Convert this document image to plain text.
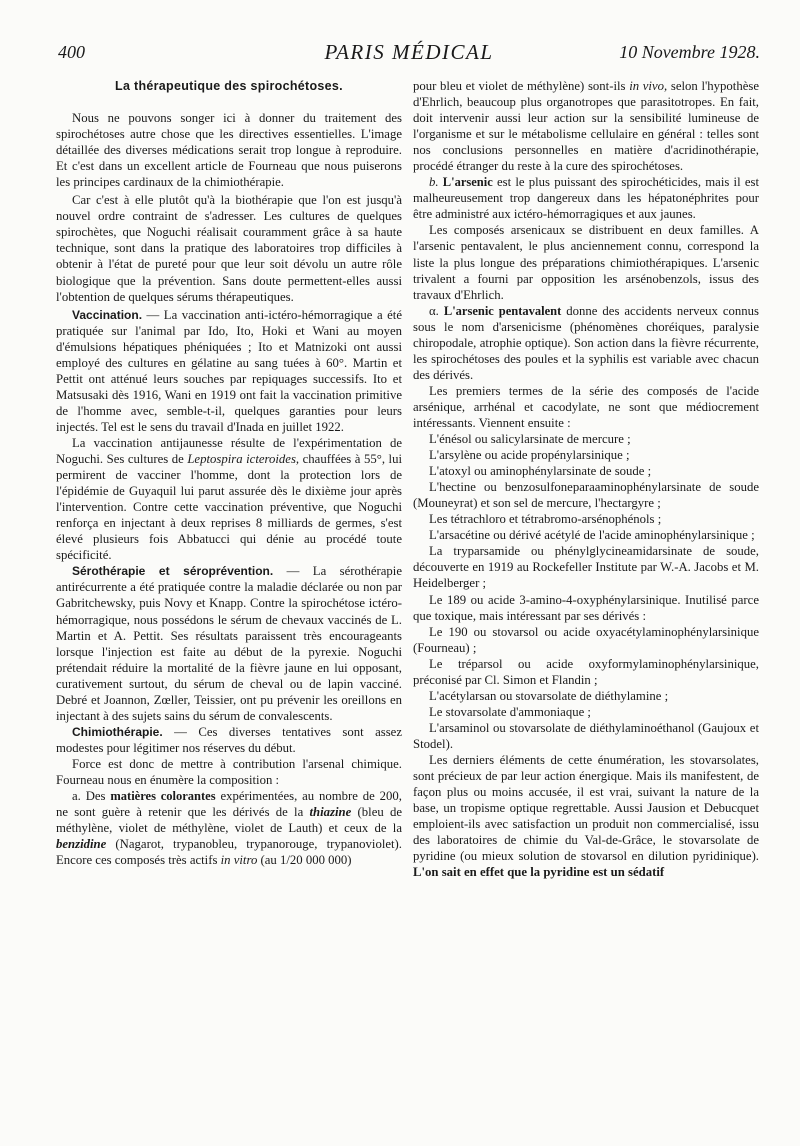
400	PARIS MÉDICAL	10 Novembre 1928.
La thérapeutique des spirochétoses.

Nous ne pouvons songer ici à donner du traitement des spirochétoses autre chose que les directives essentielles. L'image détaillée des diverses médications serait trop longue à reproduire. Et c'est dans un excellent article de Fourneau que nous puiserons les principes cardinaux de la chimiothérapie.

Car c'est à elle plutôt qu'à la biothérapie que l'on est jusqu'à nouvel ordre contraint de s'adresser. Les cultures de quelques spirochètes, que Noguchi réalisait couramment grâce à sa haute technique, sont dans la pratique des laboratoires trop difficiles à obtenir à l'état de pureté pour que leur soit dévolu un autre rôle biologique que la prévention. Sans doute permettent-elles aussi l'obtention de quelques sérums thérapeutiques.

Vaccination. — La vaccination anti-ictéro-hémorragique a été pratiquée sur l'animal par Ido, Ito, Hoki et Wani au moyen d'émulsions hépatiques phéniquées ; Ito et Matnizoki ont aussi employé des cultures en gélatine au sang tuées à 60°. Martin et Pettit ont atténué leurs souches par repiquages successifs. Ito et Matsusaki dès 1916, Wani en 1919 ont fait la vaccination primitive de l'homme avec, semble-t-il, quelques garanties pour leurs injectés. Tel est le sens du travail d'Inada en juillet 1922.

La vaccination antijaunesse résulte de l'expérimentation de Noguchi. Ses cultures de Leptospira icteroides, chauffées à 55°, lui permirent de vacciner l'homme, dont la protection lors de l'épidémie de Guyaquil lui parut assurée dès le dixième jour après l'intervention. Contre cette vaccination préventive, que Noguchi renforça en injectant à deux reprises 8 milliards de germes, s'est élevé plusieurs fois Abbatucci qui dénie au procédé toute spécificité.

Sérothérapie et séroprévention. — La sérothérapie antirécurrente a été pratiquée contre la maladie déclarée ou non par Gabritchewsky, puis Novy et Knapp. Contre la spirochétose ictéro-hémorragique, nous possédons le sérum de chevaux vaccinés de L. Martin et A. Pettit. Ses résultats paraissent très encourageants lorsque l'injection est faite au début de la pyrexie. Noguchi prétendait réduire la mortalité de la fièvre jaune en lui opposant, curativement surtout, du sérum de cheval ou de lapin vacciné. Debré et Joannon, Zœller, Teissier, ont pu prévenir les oreillons en injectant à des sujets sains du sérum de convalescents.

Chimiothérapie. — Ces diverses tentatives sont assez modestes pour légitimer nos réserves du début.

Force est donc de mettre à contribution l'arsenal chimique. Fourneau nous en énumère la composition :

a. Des matières colorantes expérimentées, au nombre de 200, ne sont guère à retenir que les dérivés de la thiazine (bleu de méthylène, violet de méthylène, violet de Lauth) et ceux de la benzidine (Nagarot, trypanobleu, trypanorouge, trypanoviolet). Encore ces composés très actifs in vitro (au 1/20 000 000)

pour bleu et violet de méthylène) sont-ils in vivo, selon l'hypothèse d'Ehrlich, beaucoup plus organotropes que parasitotropes. En fait, doit intervenir aussi leur action sur la sensibilité lumineuse de l'organisme et sur le métabolisme cellulaire en général : telles sont nos conclusions personnelles en matière d'acridinothérapie, procédé étranger du reste à la cure des spirochétoses.

b. L'arsenic est le plus puissant des spirochéticides, mais il est malheureusement trop dangereux dans les hépatonéphrites pour être administré aux ictéro-hémorragiques et aux jaunes.

Les composés arsenicaux se distribuent en deux familles. A l'arsenic pentavalent, le plus anciennement connu, correspond la liste la plus longue des préparations chimiothérapiques. L'arsenic trivalent a fourni par opposition les arsénobenzols, issus des travaux d'Ehrlich.

α. L'arsenic pentavalent donne des accidents nerveux connus sous le nom d'arsenicisme (phénomènes choréiques, paralysie chiropodale, atrophie optique). Son action dans la fièvre récurrente, les spirochétoses des poules et la syphilis est variable avec chacun des dérivés.

Les premiers termes de la série des composés de l'acide arsénique, arrhénal et cacodylate, ne sont que médiocrement intéressants. Viennent ensuite :

L'énésol ou salicylarsinate de mercure ;

L'arsylène ou acide propénylarsinique ;

L'atoxyl ou aminophénylarsinate de soude ;

L'hectine ou benzosulfoneparaaminophénylarsinate de soude (Mouneyrat) et son sel de mercure, l'hectargyre ;

Les tétrachloro et tétrabromo-arsénophénols ;

L'arsacétine ou dérivé acétylé de l'acide aminophénylarsinique ;

La tryparsamide ou phénylglycineamidarsinate de soude, découverte en 1919 au Rockefeller Institute par W.-A. Jacobs et M. Heidelberger ;

Le 189 ou acide 3-amino-4-oxyphénylarsinique. Inutilisé parce que toxique, mais intéressant par ses dérivés :

Le 190 ou stovarsol ou acide oxyacétylaminophénylarsinique (Fourneau) ;

Le tréparsol ou acide oxyformylaminophénylarsinique, préconisé par Cl. Simon et Flandin ;

L'acétylarsan ou stovarsolate de diéthylamine ;

Le stovarsolate d'ammoniaque ;

L'arsaminol ou stovarsolate de diéthylaminoéthanol (Gaujoux et Stodel).

Les derniers éléments de cette énumération, les stovarsolates, sont précieux de par leur action énergique. Mais ils manifestent, de façon plus ou moins accusée, il est vrai, suivant la nature de la base, un tropisme optique regrettable. Aussi Jausion et Debucquet emploient-ils avec satisfaction un produit non commercialisé, issu des laboratoires de chimie du Val-de-Grâce, le stovarsolate de pyridine (ou mieux solution de stovarsol en dilution pyridinique). L'on sait en effet que la pyridine est un sédatif
